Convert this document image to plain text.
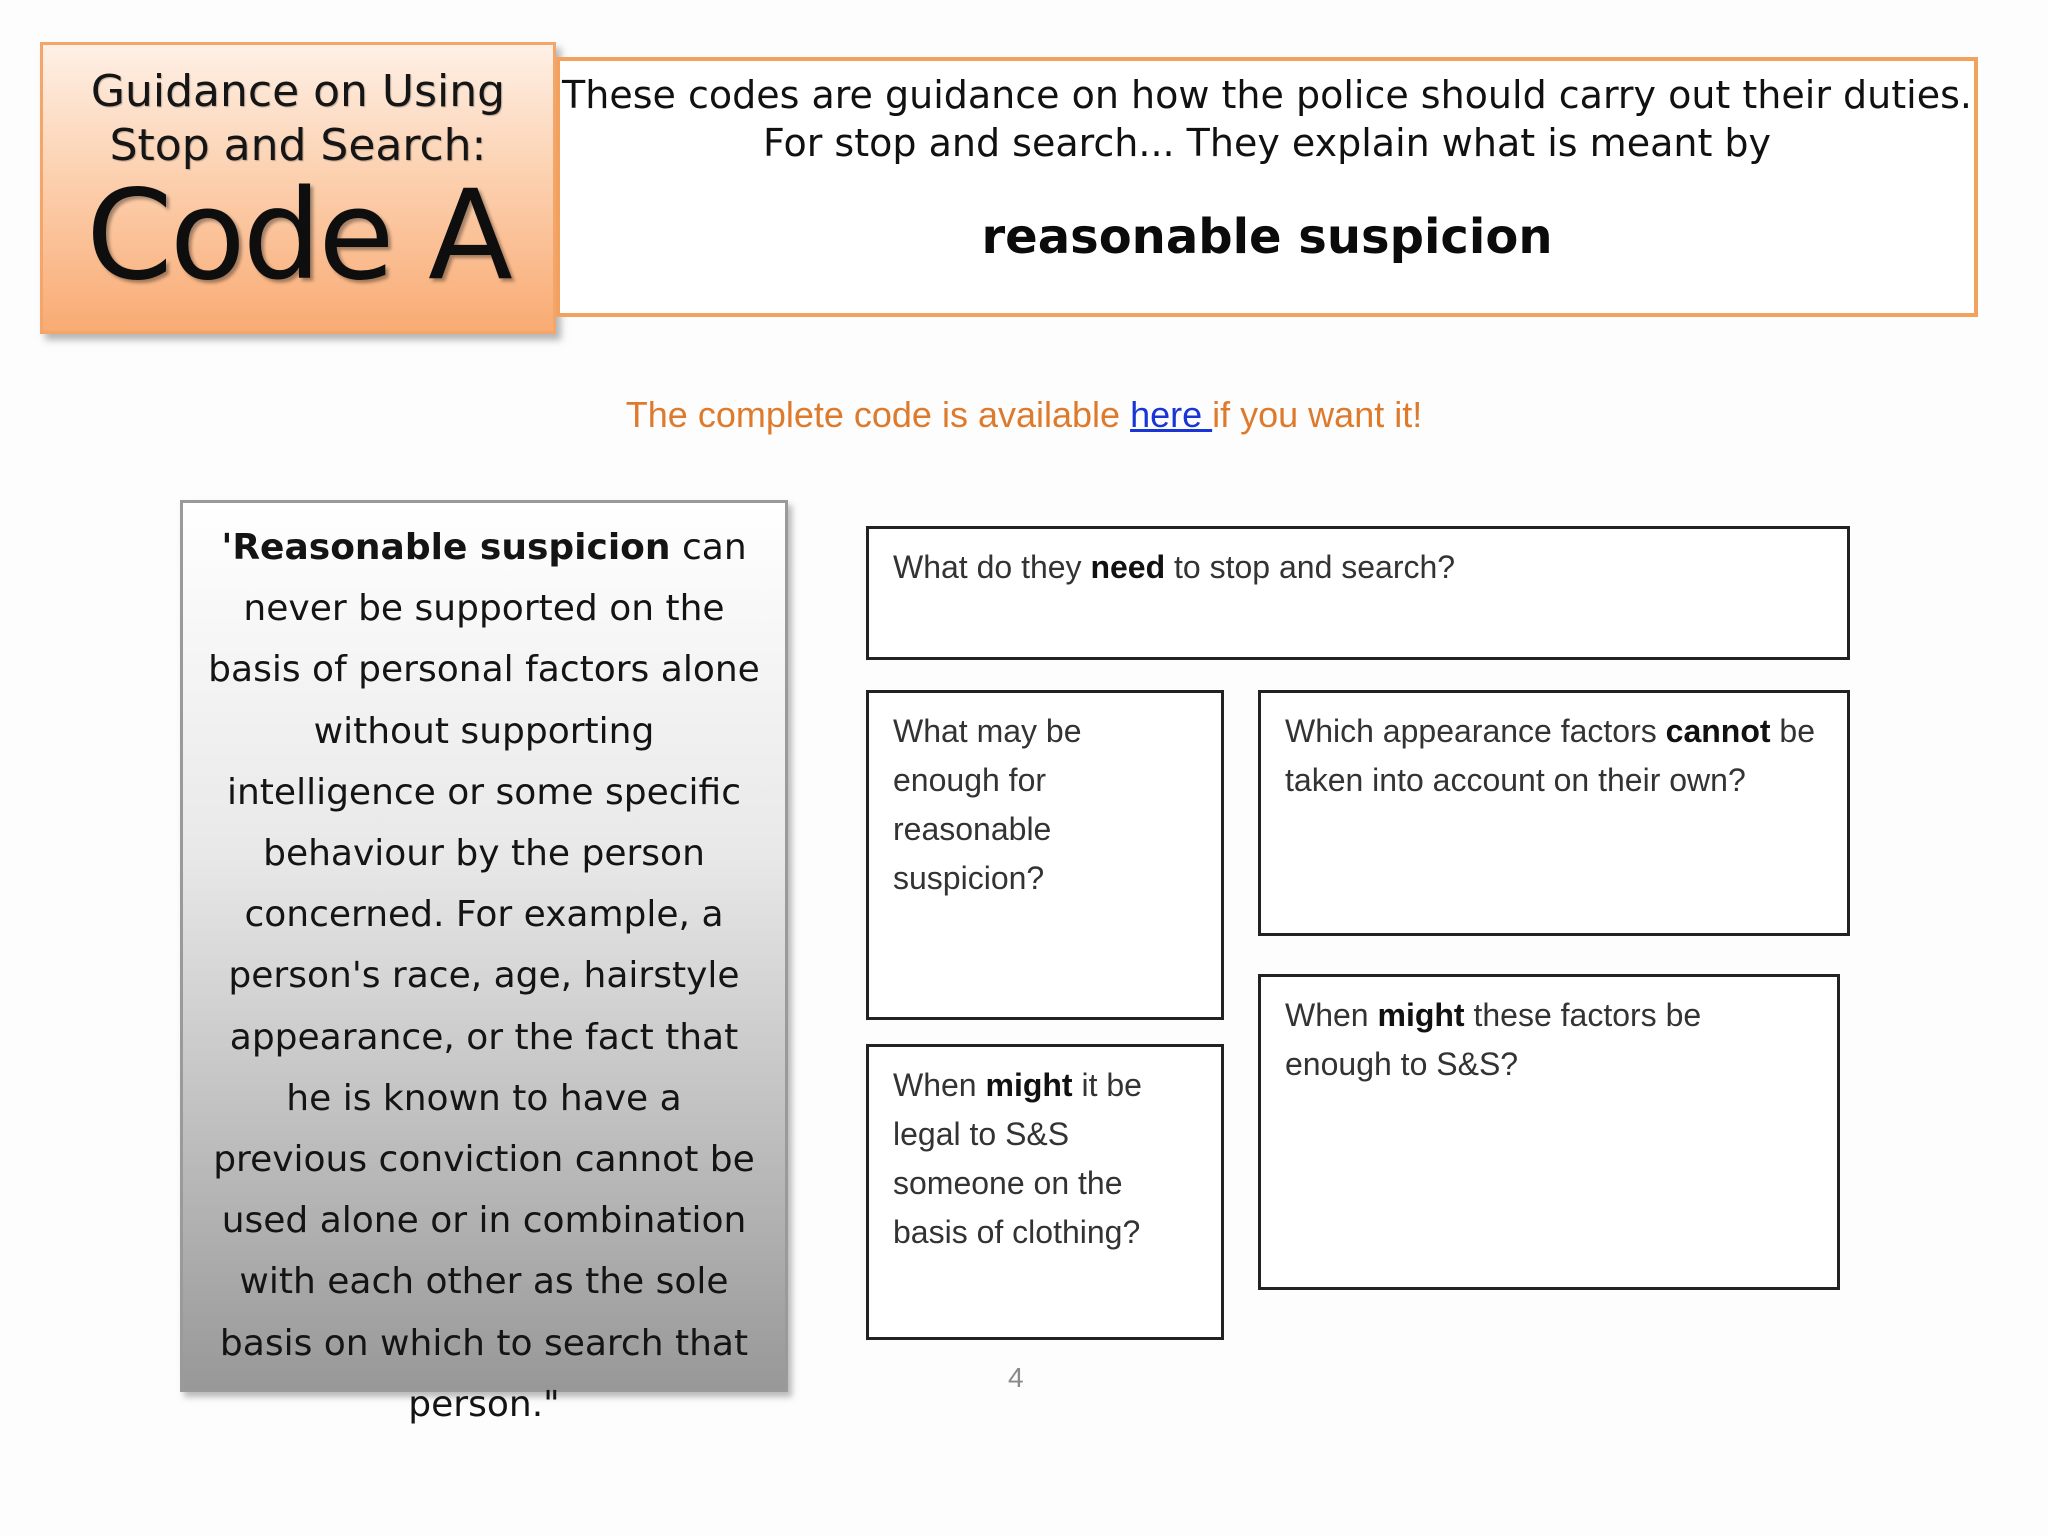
Guidance on Using
Stop and Search:
Code A
These codes are guidance on how the police should carry out their duties.
For stop and search... They explain what is meant by
reasonable suspicion
The complete code is available here if you want it!
'Reasonable suspicion can never be supported on the basis of personal factors alone without supporting intelligence or some specific behaviour by the person concerned. For example, a person's race, age, hairstyle appearance, or the fact that he is known to have a previous conviction cannot be used alone or in combination with each other as the sole basis on which to search that person."
What do they need to stop and search?
What may be enough for reasonable suspicion?
Which appearance factors cannot be taken into account on their own?
When might it be legal to S&S someone on the basis of clothing?
When might these factors be enough to S&S?
4
